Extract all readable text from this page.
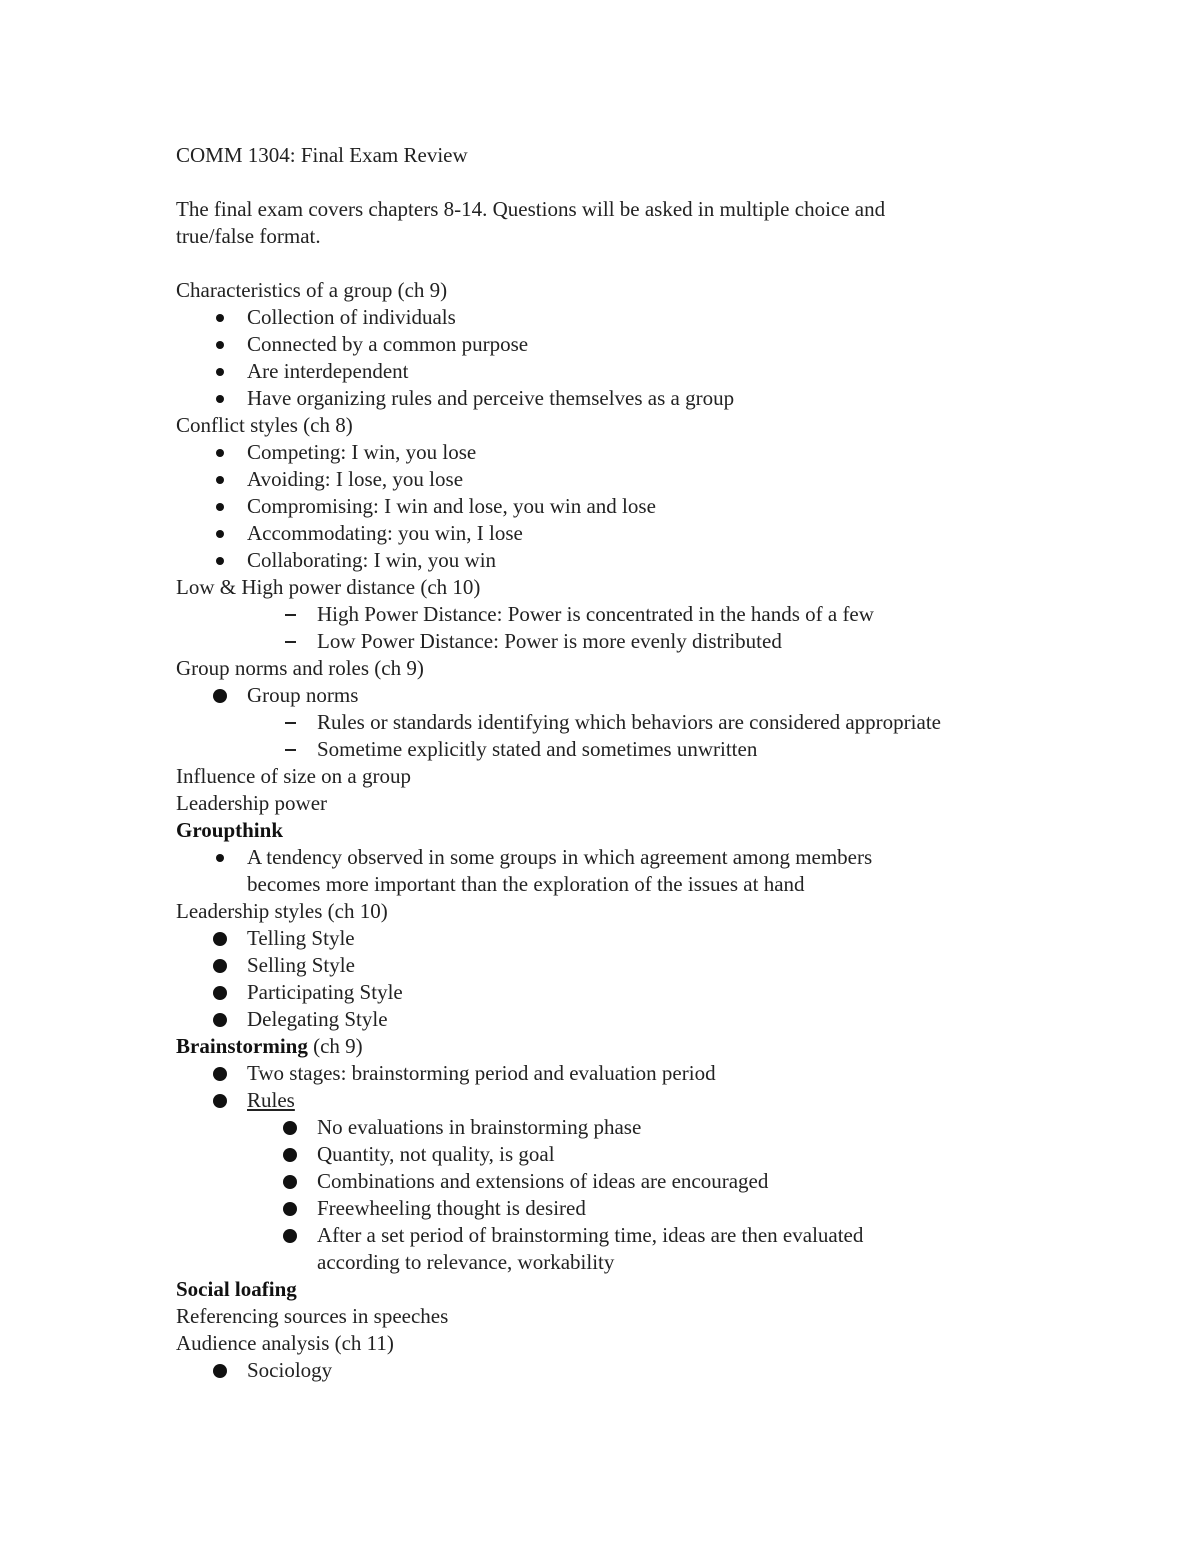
COMM 1304: Final Exam Review
The final exam covers chapters 8-14. Questions will be asked in multiple choice and
true/false format.
Characteristics of a group (ch 9)
Collection of individuals
Connected by a common purpose
Are interdependent
Have organizing rules and perceive themselves as a group
Conflict styles (ch 8)
Competing: I win, you lose
Avoiding: I lose, you lose
Compromising: I win and lose, you win and lose
Accommodating: you win, I lose
Collaborating: I win, you win
Low & High power distance (ch 10)
High Power Distance: Power is concentrated in the hands of a few
Low Power Distance: Power is more evenly distributed
Group norms and roles (ch 9)
Group norms
Rules or standards identifying which behaviors are considered appropriate
Sometime explicitly stated and sometimes unwritten
Influence of size on a group
Leadership power
Groupthink
A tendency observed in some groups in which agreement among members
becomes more important than the exploration of the issues at hand
Leadership styles (ch 10)
Telling Style
Selling Style
Participating Style
Delegating Style
Brainstorming (ch 9)
Two stages: brainstorming period and evaluation period
Rules
No evaluations in brainstorming phase
Quantity, not quality, is goal
Combinations and extensions of ideas are encouraged
Freewheeling thought is desired
After a set period of brainstorming time, ideas are then evaluated
according to relevance, workability
Social loafing
Referencing sources in speeches
Audience analysis (ch 11)
Sociology
